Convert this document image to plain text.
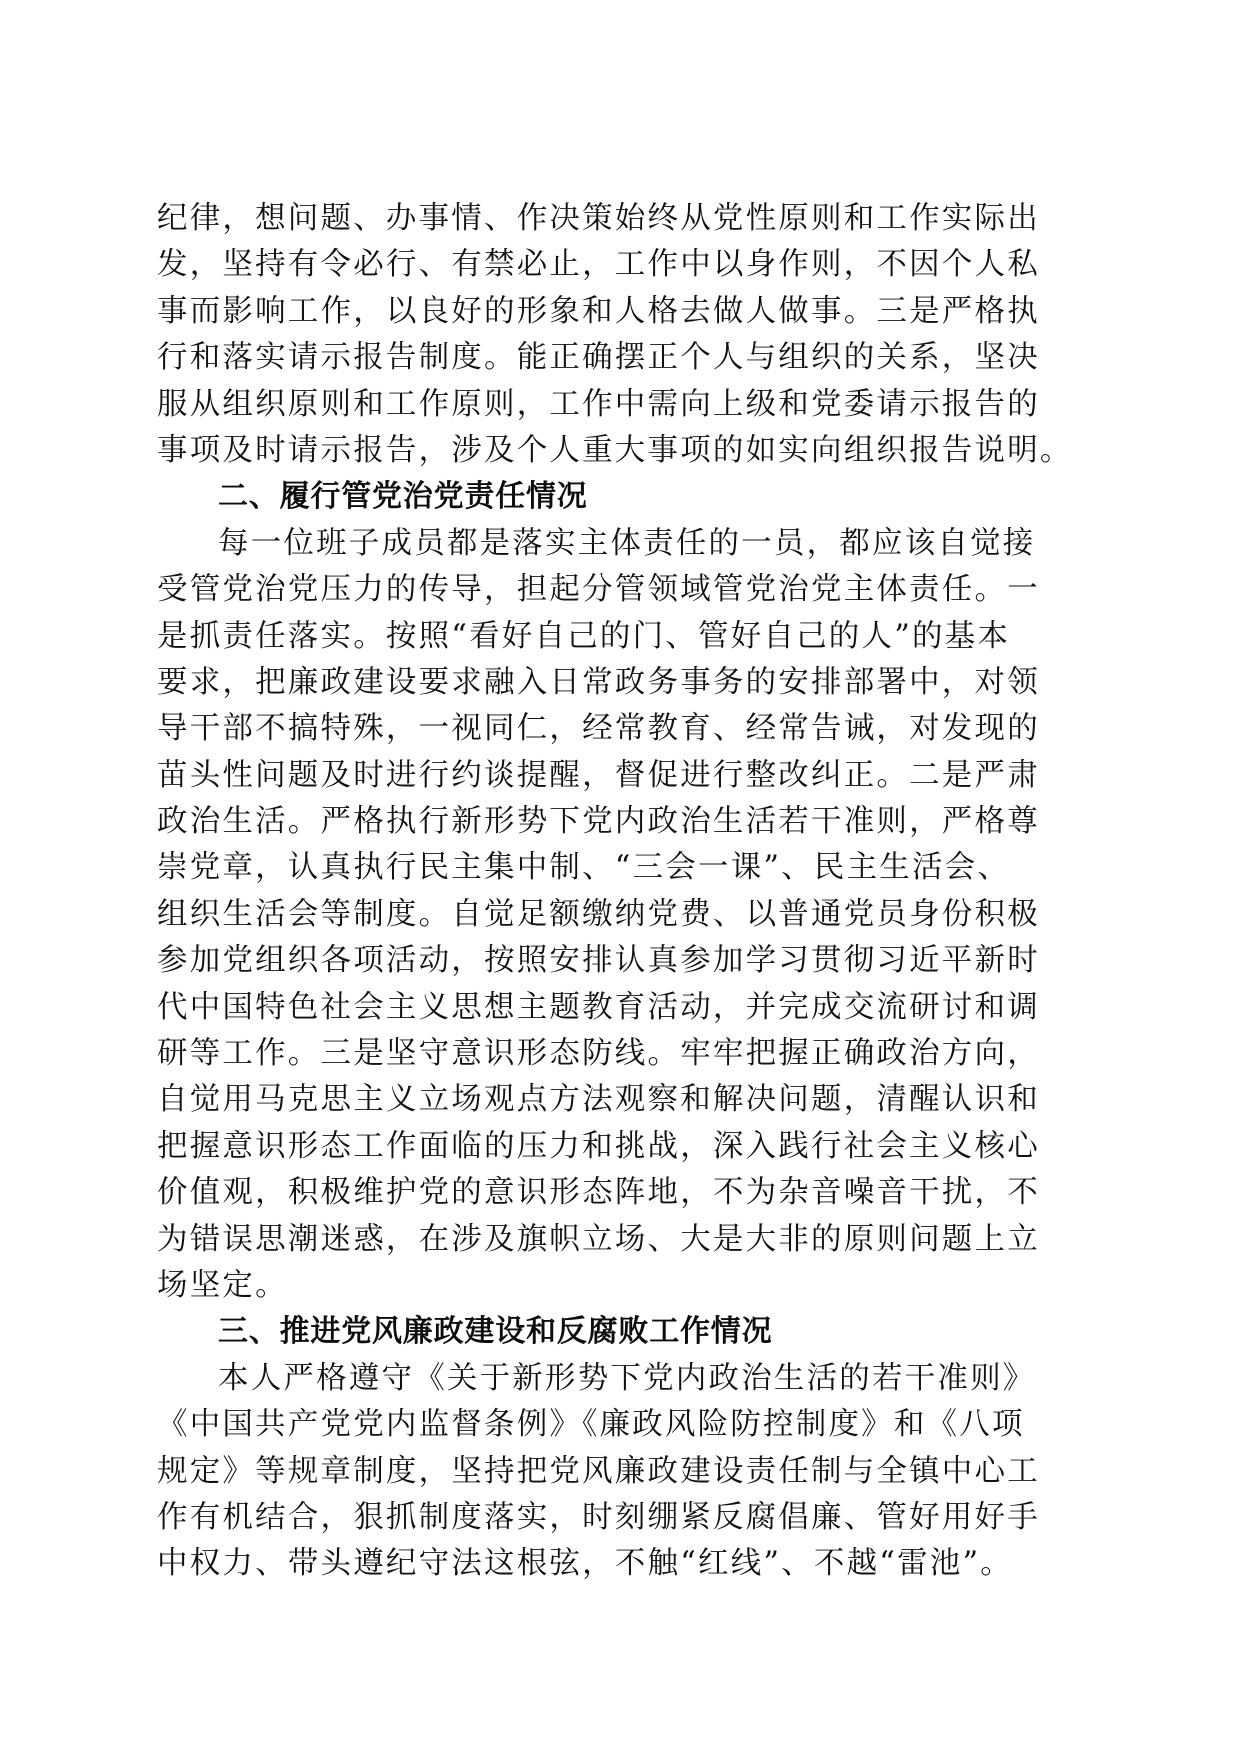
纪律，想问题、办事情、作决策始终从党性原则和工作实际出
发，坚持有令必行、有禁必止，工作中以身作则，不因个人私
事而影响工作，以良好的形象和人格去做人做事。三是严格执
行和落实请示报告制度。能正确摆正个人与组织的关系，坚决
服从组织原则和工作原则，工作中需向上级和党委请示报告的
事项及时请示报告，涉及个人重大事项的如实向组织报告说明。
二、履行管党治党责任情况
每一位班子成员都是落实主体责任的一员，都应该自觉接
受管党治党压力的传导，担起分管领域管党治党主体责任。一
是抓责任落实。按照“看好自己的门、管好自己的人”的基本
要求，把廉政建设要求融入日常政务事务的安排部署中，对领
导干部不搞特殊，一视同仁，经常教育、经常告诫，对发现的
苗头性问题及时进行约谈提醒，督促进行整改纠正。二是严肃
政治生活。严格执行新形势下党内政治生活若干准则，严格尊
崇党章，认真执行民主集中制、“三会一课”、民主生活会、
组织生活会等制度。自觉足额缴纳党费、以普通党员身份积极
参加党组织各项活动，按照安排认真参加学习贯彻习近平新时
代中国特色社会主义思想主题教育活动，并完成交流研讨和调
研等工作。三是坚守意识形态防线。牢牢把握正确政治方向，
自觉用马克思主义立场观点方法观察和解决问题，清醒认识和
把握意识形态工作面临的压力和挑战，深入践行社会主义核心
价值观，积极维护党的意识形态阵地，不为杂音噪音干扰，不
为错误思潮迷惑，在涉及旗帜立场、大是大非的原则问题上立
场坚定。
三、推进党风廉政建设和反腐败工作情况
本人严格遵守《关于新形势下党内政治生活的若干准则》
《中国共产党党内监督条例》《廉政风险防控制度》和《八项
规定》等规章制度，坚持把党风廉政建设责任制与全镇中心工
作有机结合，狠抓制度落实，时刻绷紧反腐倡廉、管好用好手
中权力、带头遵纪守法这根弦，不触“红线”、不越“雷池”。
